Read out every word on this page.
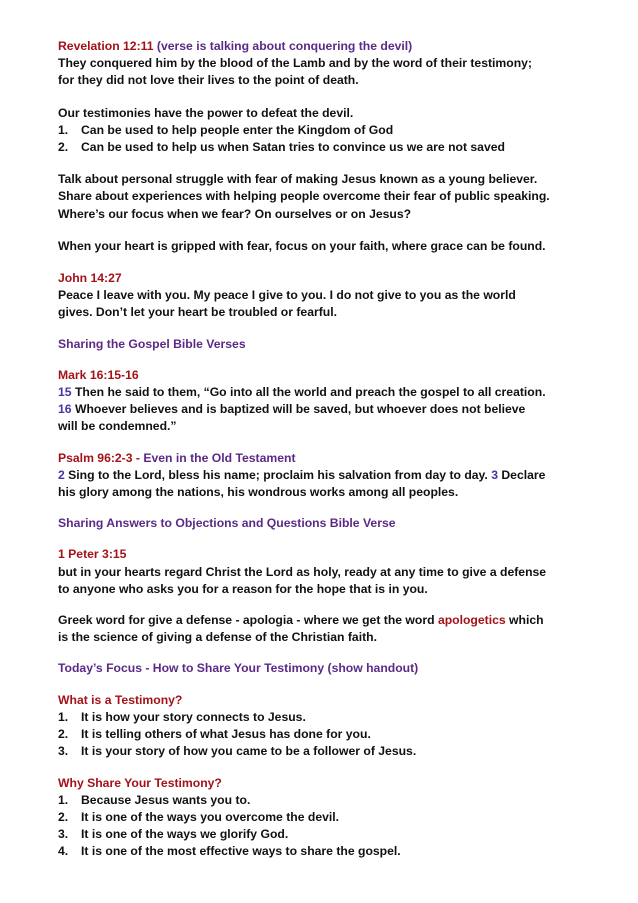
Revelation 12:11 (verse is talking about conquering the devil)
They conquered him by the blood of the Lamb and by the word of their testimony;
for they did not love their lives to the point of death.
Our testimonies have the power to defeat the devil.
1. Can be used to help people enter the Kingdom of God
2. Can be used to help us when Satan tries to convince us we are not saved
Talk about personal struggle with fear of making Jesus known as a young believer.
Share about experiences with helping people overcome their fear of public speaking.
Where’s our focus when we fear? On ourselves or on Jesus?
When your heart is gripped with fear, focus on your faith, where grace can be found.
John 14:27
Peace I leave with you. My peace I give to you. I do not give to you as the world
gives. Don’t let your heart be troubled or fearful.
Sharing the Gospel Bible Verses
Mark 16:15-16
15 Then he said to them, “Go into all the world and preach the gospel to all creation.
16 Whoever believes and is baptized will be saved, but whoever does not believe
will be condemned.”
Psalm 96:2-3 - Even in the Old Testament
2 Sing to the Lord, bless his name; proclaim his salvation from day to day. 3 Declare
his glory among the nations, his wondrous works among all peoples.
Sharing Answers to Objections and Questions Bible Verse
1 Peter 3:15
but in your hearts regard Christ the Lord as holy, ready at any time to give a defense
to anyone who asks you for a reason for the hope that is in you.
Greek word for give a defense - apologia - where we get the word apologetics which
is the science of giving a defense of the Christian faith.
Today’s Focus - How to Share Your Testimony (show handout)
What is a Testimony?
1. It is how your story connects to Jesus.
2. It is telling others of what Jesus has done for you.
3. It is your story of how you came to be a follower of Jesus.
Why Share Your Testimony?
1. Because Jesus wants you to.
2. It is one of the ways you overcome the devil.
3. It is one of the ways we glorify God.
4. It is one of the most effective ways to share the gospel.
